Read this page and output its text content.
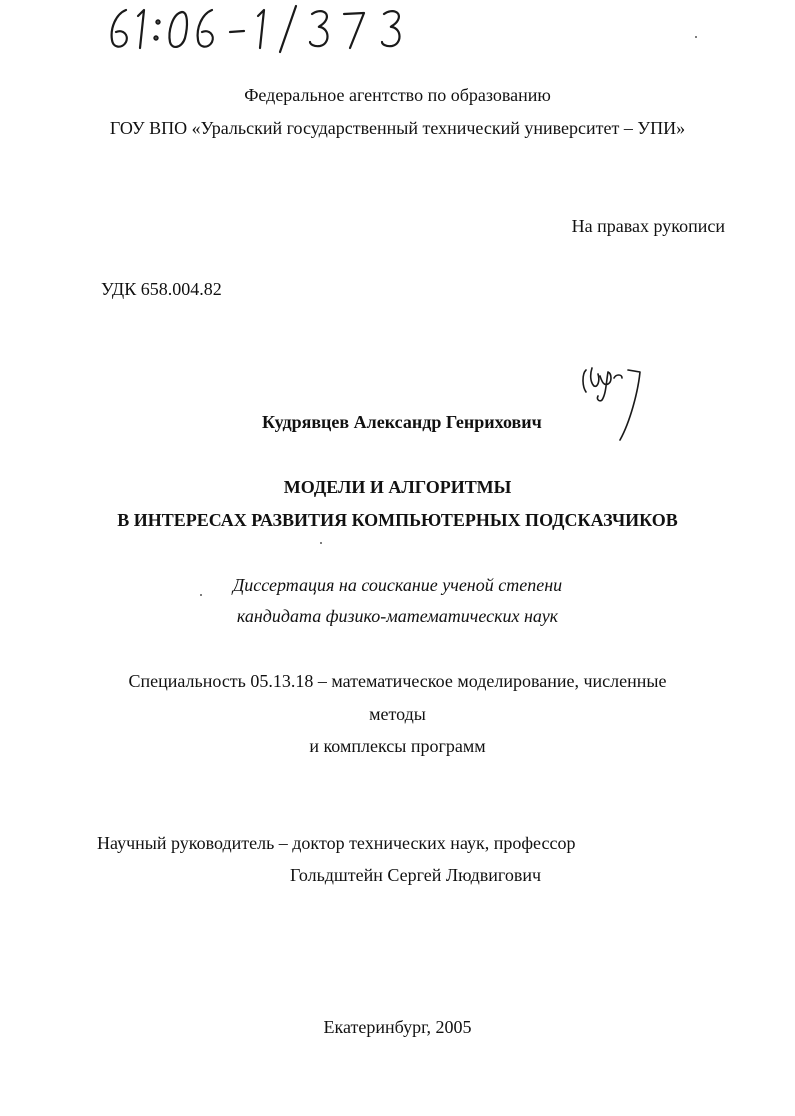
Федеральное агентство по образованию
ГОУ ВПО «Уральский государственный технический университет – УПИ»
На правах рукописи
УДК 658.004.82
Кудрявцев Александр Генрихович
МОДЕЛИ И АЛГОРИТМЫ
В ИНТЕРЕСАХ РАЗВИТИЯ КОМПЬЮТЕРНЫХ ПОДСКАЗЧИКОВ
Диссертация на соискание ученой степени
кандидата физико-математических наук
Специальность 05.13.18 – математическое моделирование, численные
методы
и комплексы программ
Научный руководитель – доктор технических наук, профессор
Гольдштейн Сергей Людвигович
Екатеринбург, 2005
